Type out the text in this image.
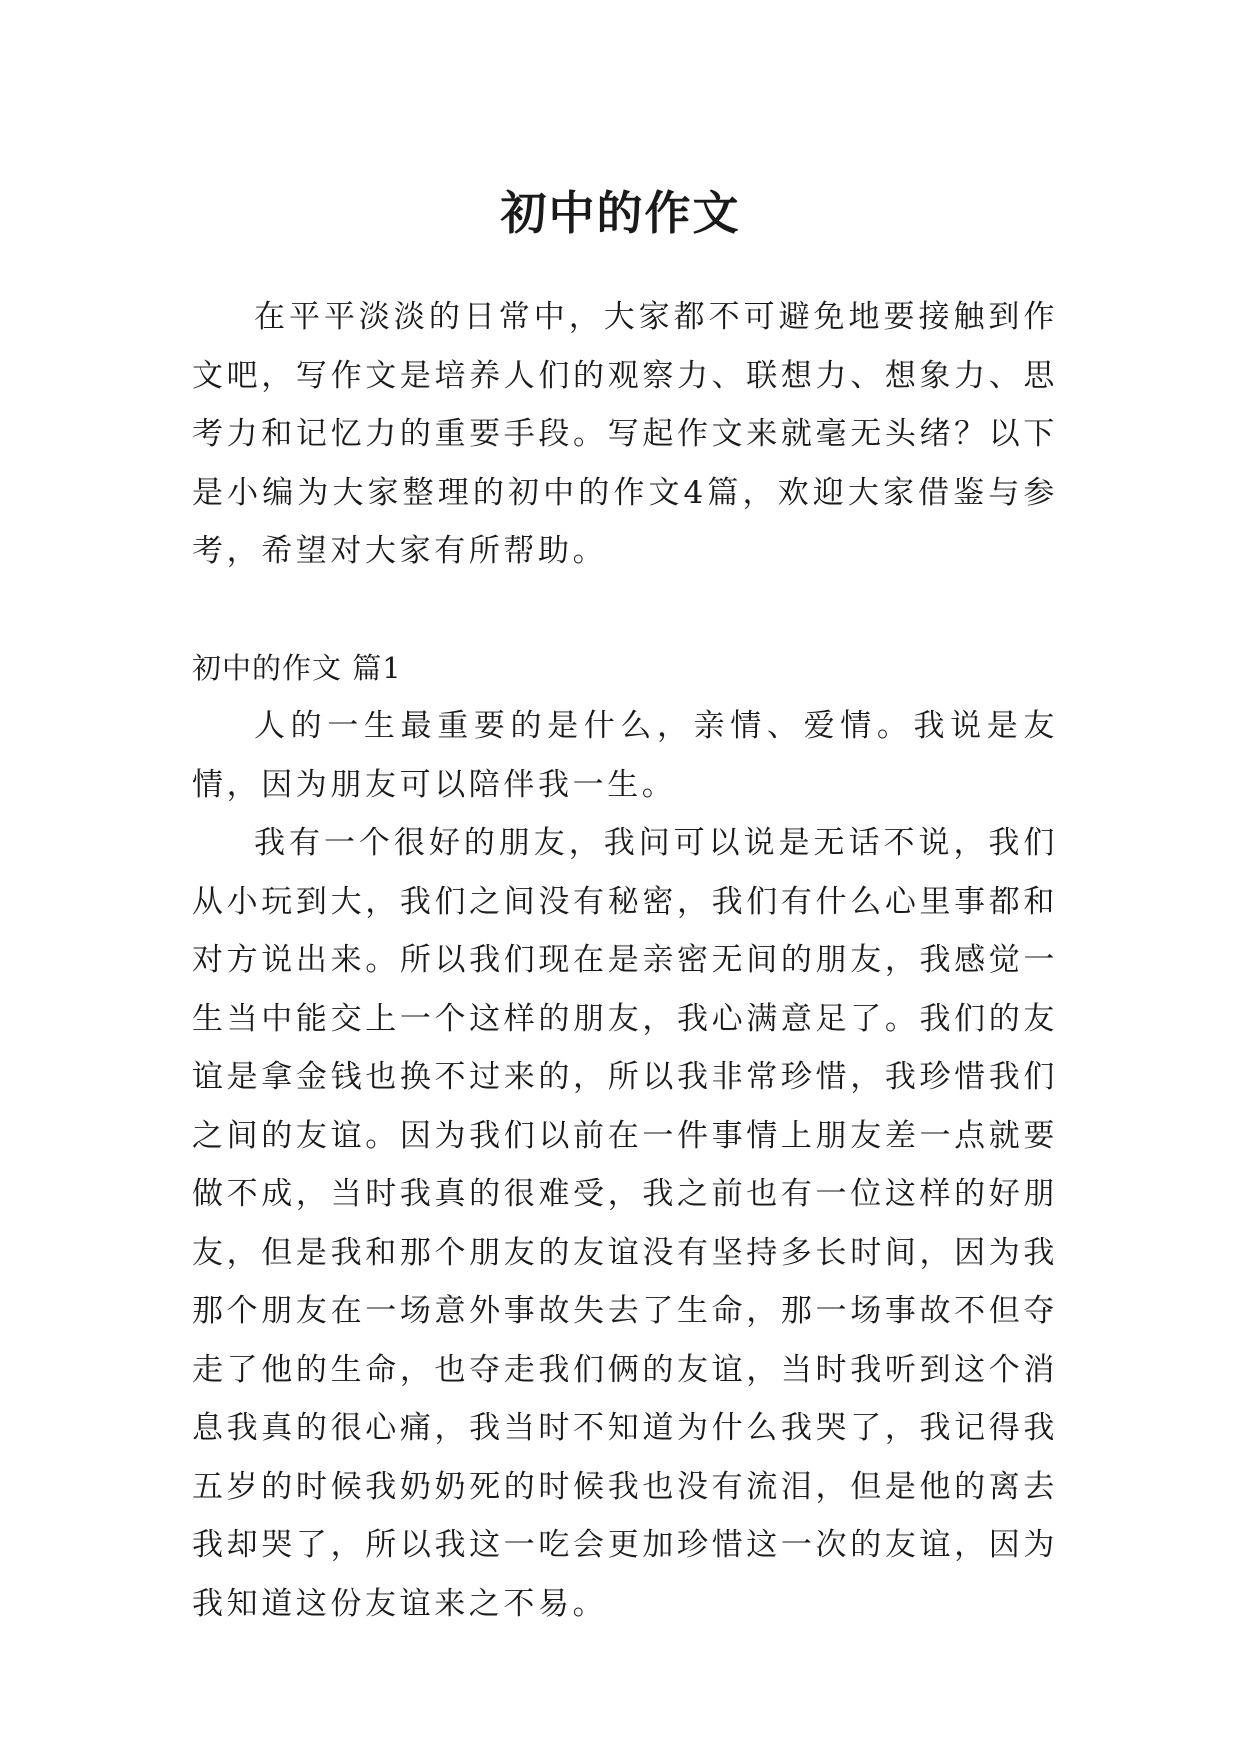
初中的作文

在平平淡淡的日常中，大家都不可避免地要接触到作文吧，写作文是培养人们的观察力、联想力、想象力、思考力和记忆力的重要手段。写起作文来就毫无头绪？以下是小编为大家整理的初中的作文4篇，欢迎大家借鉴与参考，希望对大家有所帮助。

初中的作文 篇1

人的一生最重要的是什么，亲情、爱情。我说是友情，因为朋友可以陪伴我一生。

我有一个很好的朋友，我问可以说是无话不说，我们从小玩到大，我们之间没有秘密，我们有什么心里事都和对方说出来。所以我们现在是亲密无间的朋友，我感觉一生当中能交上一个这样的朋友，我心满意足了。我们的友谊是拿金钱也换不过来的，所以我非常珍惜，我珍惜我们之间的友谊。因为我们以前在一件事情上朋友差一点就要做不成，当时我真的很难受，我之前也有一位这样的好朋友，但是我和那个朋友的友谊没有坚持多长时间，因为我那个朋友在一场意外事故失去了生命，那一场事故不但夺走了他的生命，也夺走我们俩的友谊，当时我听到这个消息我真的很心痛，我当时不知道为什么我哭了，我记得我五岁的时候我奶奶死的时候我也没有流泪，但是他的离去我却哭了，所以我这一吃会更加珍惜这一次的友谊，因为我知道这份友谊来之不易。
